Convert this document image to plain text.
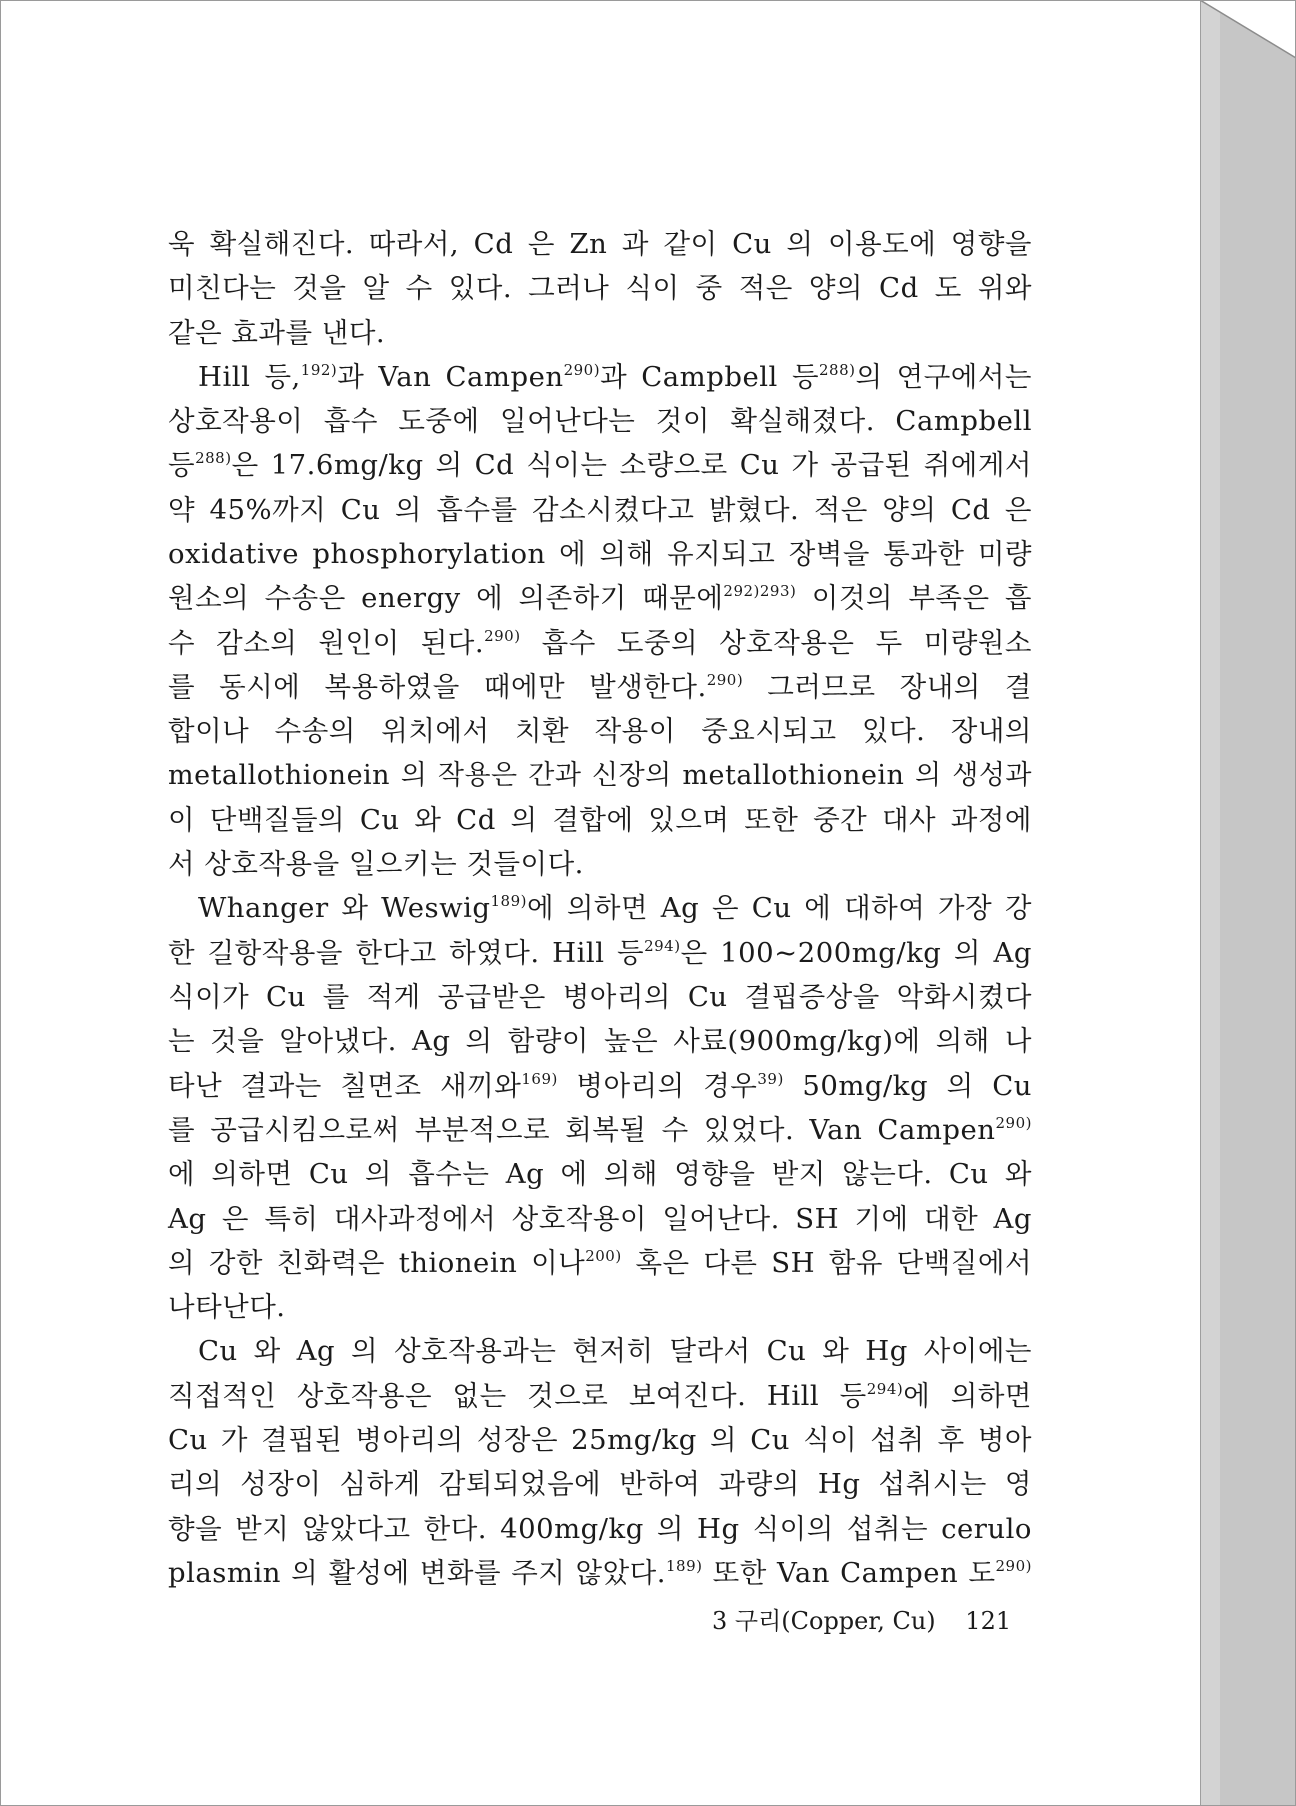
욱 확실해진다. 따라서, Cd 은 Zn 과 같이 Cu 의 이용도에 영향을
미친다는 것을 알 수 있다. 그러나 식이 중 적은 양의 Cd 도 위와
같은 효과를 낸다.
Hill 등,$^{192)}$과 Van Campen$^{290)}$과 Campbell 등$^{288)}$의 연구에서는
상호작용이 흡수 도중에 일어난다는 것이 확실해졌다. Campbell
등$^{288)}$은 17.6mg/kg 의 Cd 식이는 소량으로 Cu 가 공급된 쥐에게서
약 45%까지 Cu 의 흡수를 감소시켰다고 밝혔다. 적은 양의 Cd 은
oxidative phosphorylation 에 의해 유지되고 장벽을 통과한 미량
원소의 수송은 energy 에 의존하기 때문에$^{292)293)}$ 이것의 부족은 흡
수 감소의 원인이 된다.$^{290)}$ 흡수 도중의 상호작용은 두 미량원소
를 동시에 복용하였을 때에만 발생한다.$^{290)}$ 그러므로 장내의 결
합이나 수송의 위치에서 치환 작용이 중요시되고 있다. 장내의
metallothionein 의 작용은 간과 신장의 metallothionein 의 생성과
이 단백질들의 Cu 와 Cd 의 결합에 있으며 또한 중간 대사 과정에
서 상호작용을 일으키는 것들이다.
Whanger 와 Weswig$^{189)}$에 의하면 Ag 은 Cu 에 대하여 가장 강
한 길항작용을 한다고 하였다. Hill 등$^{294)}$은 100~200mg/kg 의 Ag
식이가 Cu 를 적게 공급받은 병아리의 Cu 결핍증상을 악화시켰다
는 것을 알아냈다. Ag 의 함량이 높은 사료(900mg/kg)에 의해 나
타난 결과는 칠면조 새끼와$^{169)}$ 병아리의 경우$^{39)}$ 50mg/kg 의 Cu
를 공급시킴으로써 부분적으로 회복될 수 있었다. Van Campen$^{290)}$
에 의하면 Cu 의 흡수는 Ag 에 의해 영향을 받지 않는다. Cu 와
Ag 은 특히 대사과정에서 상호작용이 일어난다. SH 기에 대한 Ag
의 강한 친화력은 thionein 이나$^{200)}$ 혹은 다른 SH 함유 단백질에서
나타난다.
Cu 와 Ag 의 상호작용과는 현저히 달라서 Cu 와 Hg 사이에는
직접적인 상호작용은 없는 것으로 보여진다. Hill 등$^{294)}$에 의하면
Cu 가 결핍된 병아리의 성장은 25mg/kg 의 Cu 식이 섭취 후 병아
리의 성장이 심하게 감퇴되었음에 반하여 과량의 Hg 섭취시는 영
향을 받지 않았다고 한다. 400mg/kg 의 Hg 식이의 섭취는 cerulo
plasmin 의 활성에 변화를 주지 않았다.$^{189)}$ 또한 Van Campen 도$^{290)}$
3 구리(Copper, Cu) 121
